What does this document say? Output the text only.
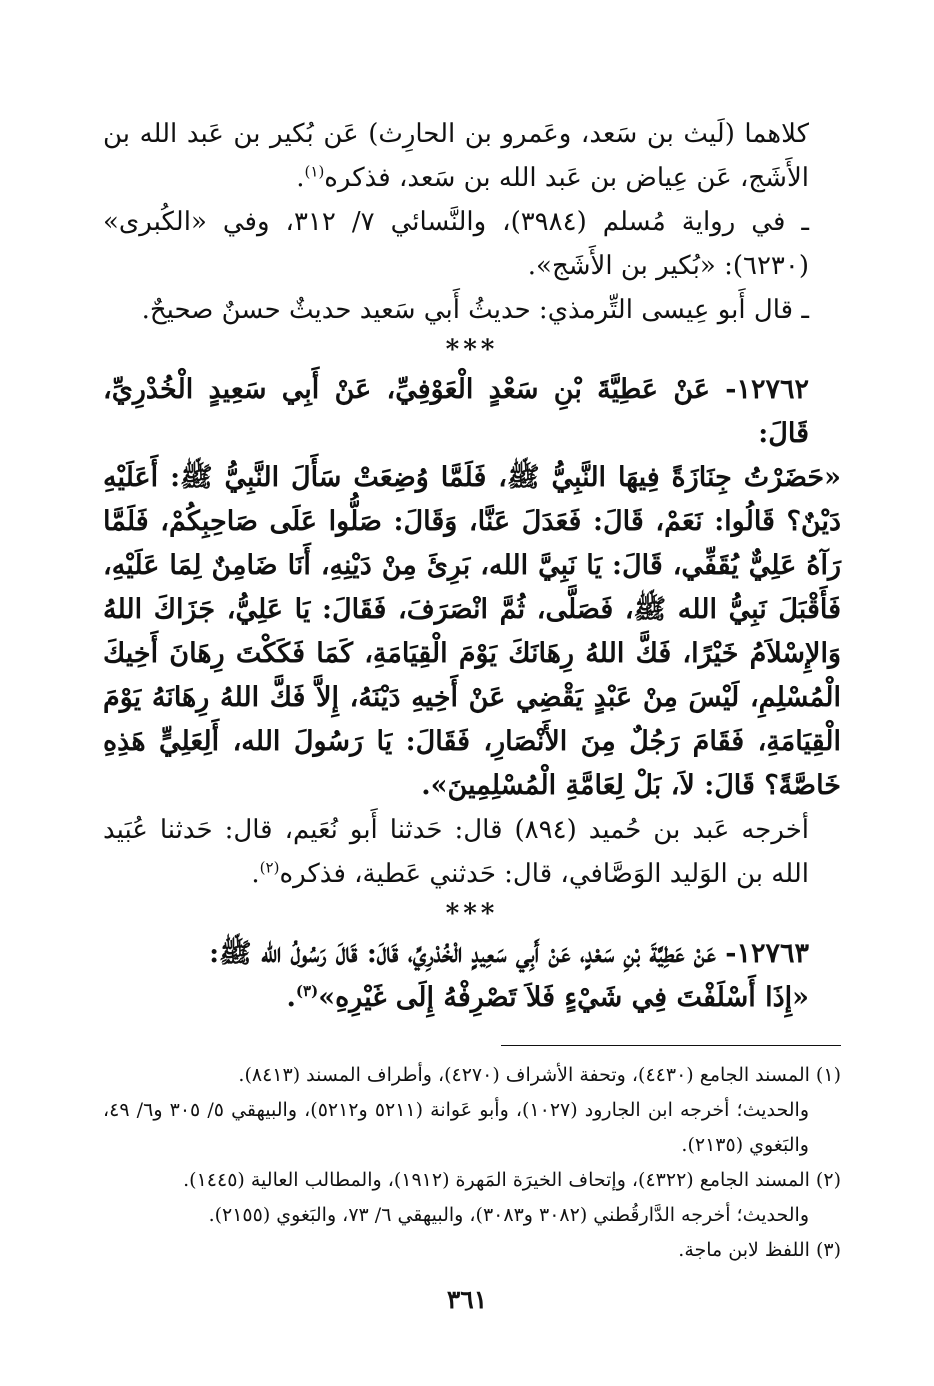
كلاهما (لَيث بن سَعد، وعَمرو بن الحارِث) عَن بُكير بن عَبد الله بن الأَشَج، عَن عِياض بن عَبد الله بن سَعد، فذكره$^{(١)}$.

ـ في رواية مُسلم (٣٩٨٤)، والنَّسائي ٧/ ٣١٢، وفي «الكُبرى» (٦٢٣٠): «بُكير بن الأَشَج».

ـ قال أَبو عِيسى التِّرمذي: حديثُ أَبي سَعيد حديثٌ حسنٌ صحيحٌ.

***

١٢٧٦٢- عَنْ عَطِيَّةَ بْنِ سَعْدٍ الْعَوْفِيِّ، عَنْ أَبِي سَعِيدٍ الْخُدْرِيِّ، قَالَ:

«حَضَرْتُ جِنَازَةً فِيهَا النَّبِيُّ ﷺ، فَلَمَّا وُضِعَتْ سَأَلَ النَّبِيُّ ﷺ: أَعَلَيْهِ دَيْنٌ؟ قَالُوا: نَعَمْ، قَالَ: فَعَدَلَ عَنَّا، وَقَالَ: صَلُّوا عَلَى صَاحِبِكُمْ، فَلَمَّا رَآهُ عَلِيٌّ يُقَفِّي، قَالَ: يَا نَبِيَّ الله، بَرِئَ مِنْ دَيْنِهِ، أَنَا ضَامِنٌ لِمَا عَلَيْهِ، فَأَقْبَلَ نَبِيُّ الله ﷺ، فَصَلَّى، ثُمَّ انْصَرَفَ، فَقَالَ: يَا عَلِيُّ، جَزَاكَ اللهُ وَالإِسْلاَمُ خَيْرًا، فَكَّ اللهُ رِهَانَكَ يَوْمَ الْقِيَامَةِ، كَمَا فَكَكْتَ رِهَانَ أَخِيكَ الْمُسْلِمِ، لَيْسَ مِنْ عَبْدٍ يَقْضِي عَنْ أَخِيهِ دَيْنَهُ، إِلاَّ فَكَّ اللهُ رِهَانَهُ يَوْمَ الْقِيَامَةِ، فَقَامَ رَجُلٌ مِنَ الأَنْصَارِ، فَقَالَ: يَا رَسُولَ الله، أَلِعَلِيٍّ هَذِهِ خَاصَّةً؟ قَالَ: لاَ، بَلْ لِعَامَّةِ الْمُسْلِمِينَ».

أخرجه عَبد بن حُميد (٨٩٤) قال: حَدثنا أَبو نُعَيم، قال: حَدثنا عُبَيد الله بن الوَليد الوَصَّافي، قال: حَدثني عَطية، فذكره$^{(٢)}$.

***

١٢٧٦٣- عَنْ عَطِيَّةَ بْنِ سَعْدٍ، عَنْ أَبِي سَعِيدٍ الْخُدْرِيِّ، قَالَ: قَالَ رَسُولُ الله ﷺ:

«إِذَا أَسْلَفْتَ فِي شَيْءٍ فَلاَ تَصْرِفْهُ إِلَى غَيْرِهِ»$^{(٣)}$.

(١) المسند الجامع (٤٤٣٠)، وتحفة الأشراف (٤٢٧٠)، وأطراف المسند (٨٤١٣).

والحديث؛ أخرجه ابن الجارود (١٠٢٧)، وأبو عَوانة (٥٢١١ و٥٢١٢)، والبيهقي ٥/ ٣٠٥ و٦/ ٤٩، والبَغوي (٢١٣٥).

(٢) المسند الجامع (٤٣٢٢)، وإتحاف الخيرَة المَهرة (١٩١٢)، والمطالب العالية (١٤٤٥).

والحديث؛ أخرجه الدَّارقُطني (٣٠٨٢ و٣٠٨٣)، والبيهقي ٦/ ٧٣، والبَغوي (٢١٥٥).

(٣) اللفظ لابن ماجة.

٣٦١
